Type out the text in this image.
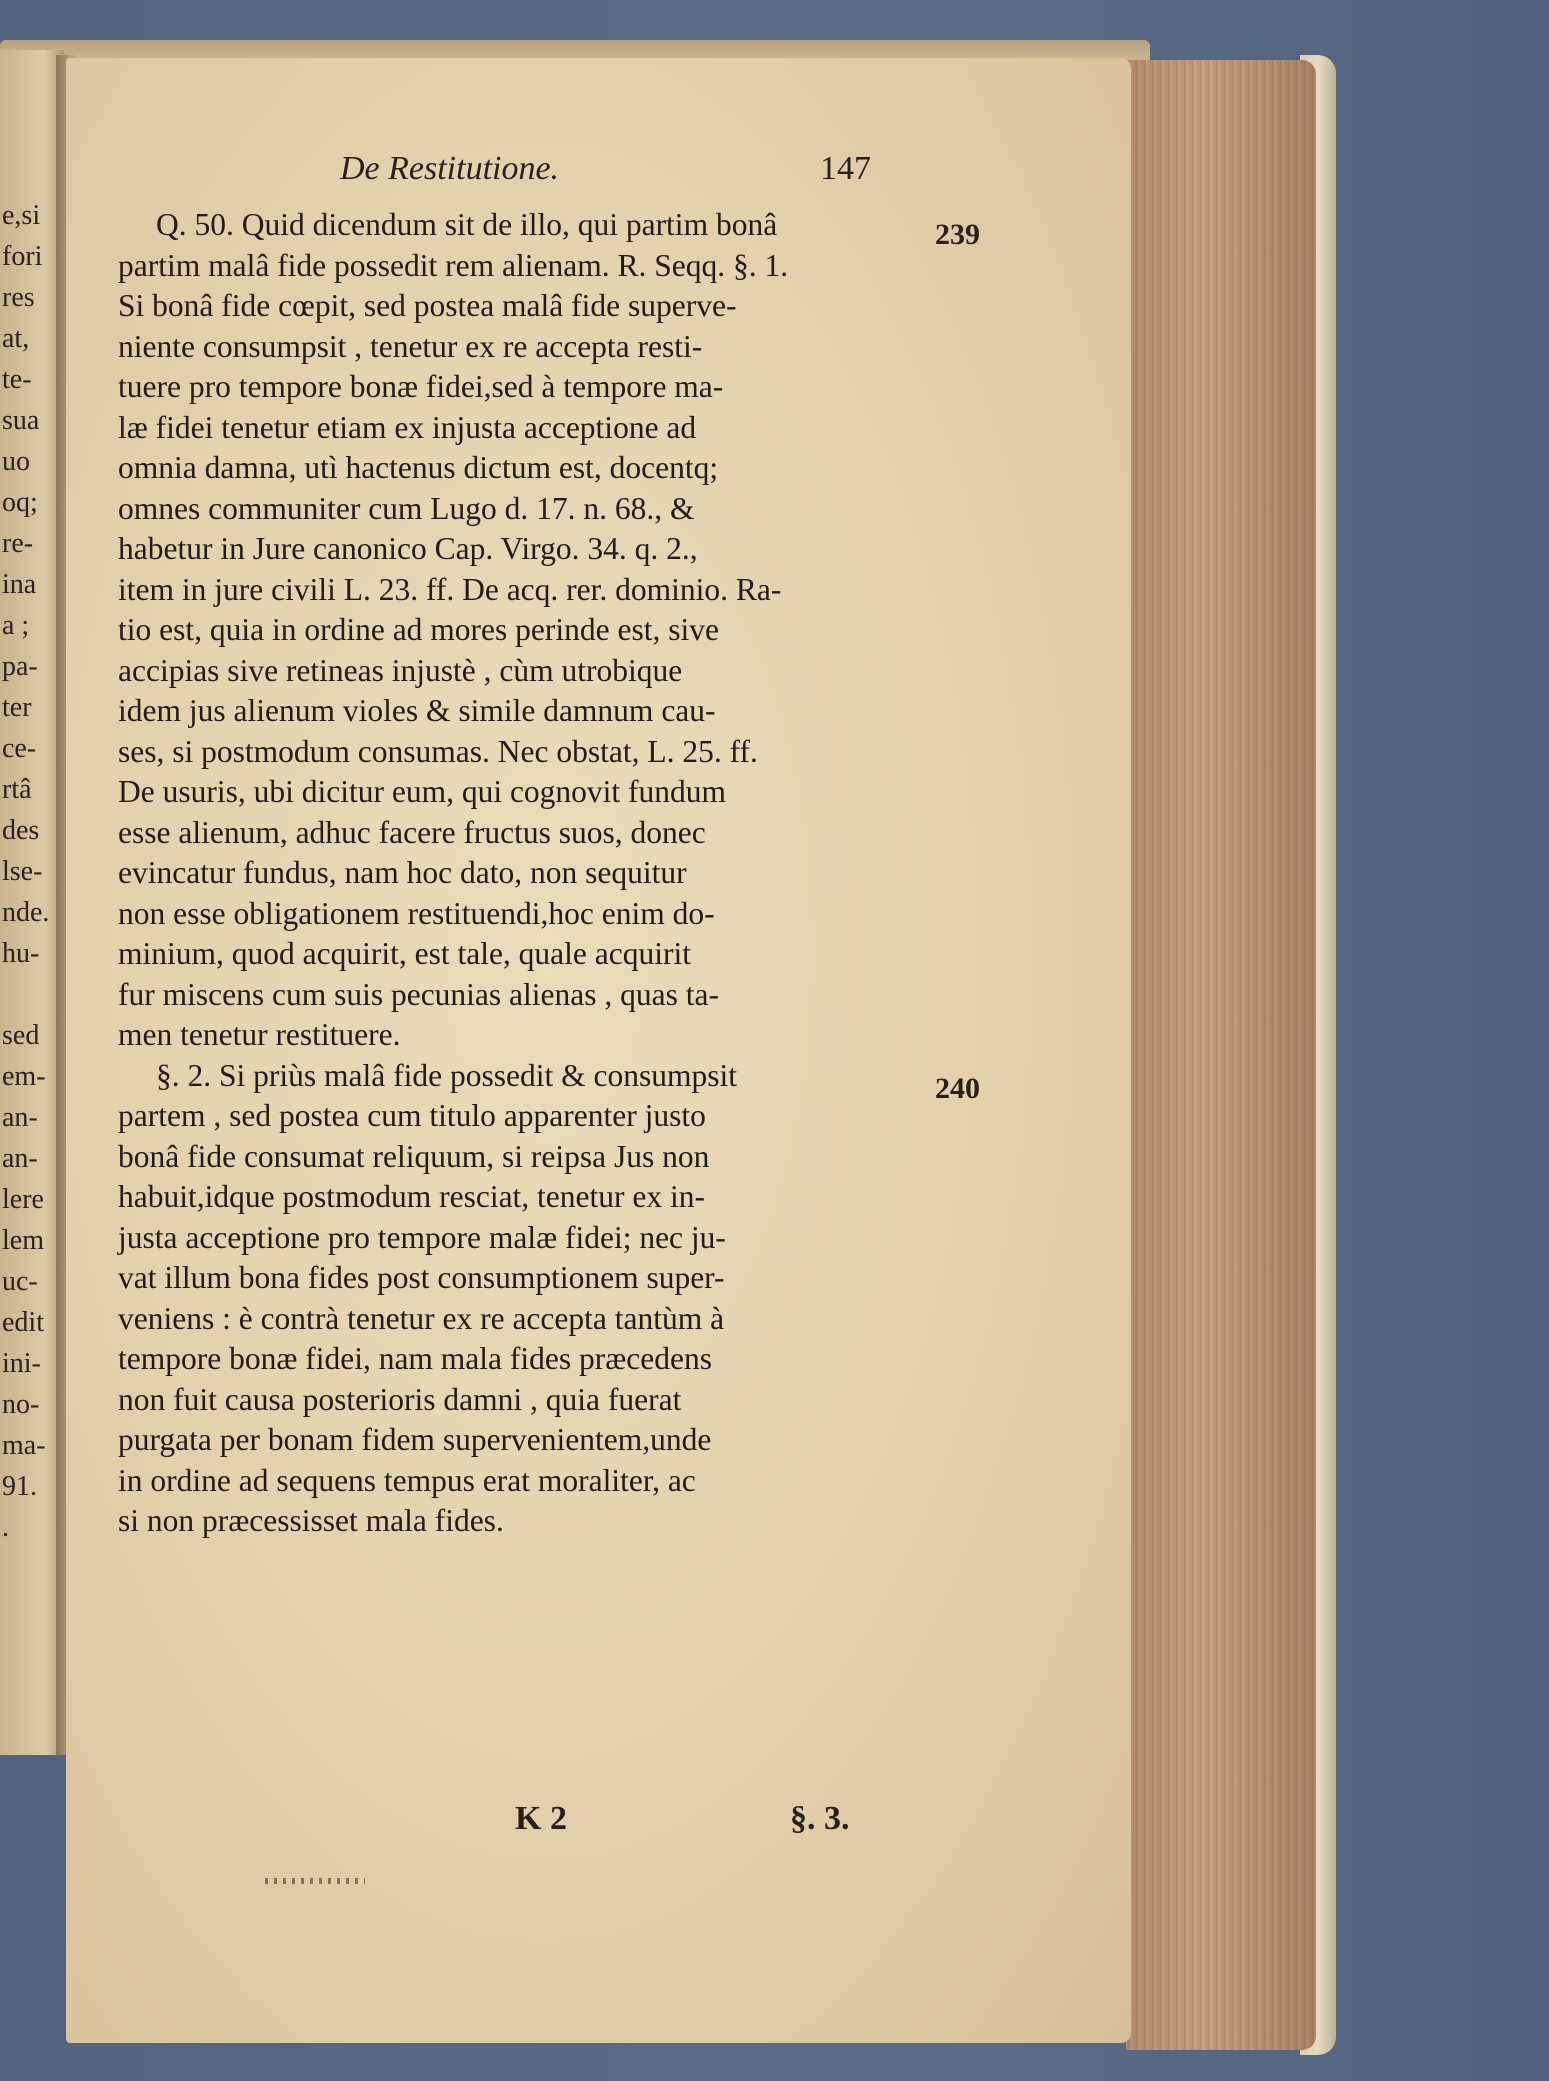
e,si
fori
res
at,
te-
sua
uo
oq;
re-
ina
a ;
pa-
ter
ce-
rtâ
des
lse-
nde.
hu-
sed
em-
an-
an-
lere
lem
uc-
edit
ini-
no-
ma-
91.
.
De Restitutione.	147
239
240
Q. 50. Quid dicendum sit de illo, qui partim bonâ
partim malâ fide possedit rem alienam. R. Seqq. §. 1.
Si bonâ fide cœpit, sed postea malâ fide superve-
niente consumpsit , tenetur ex re accepta resti-
tuere pro tempore bonæ fidei,sed à tempore ma-
læ fidei tenetur etiam ex injusta acceptione ad
omnia damna, utì hactenus dictum est, docentq;
omnes communiter cum Lugo d. 17. n. 68., &
habetur in Jure canonico Cap. Virgo. 34. q. 2.,
item in jure civili L. 23. ff. De acq. rer. dominio. Ra-
tio est, quia in ordine ad mores perinde est, sive
accipias sive retineas injustè , cùm utrobique
idem jus alienum violes & simile damnum cau-
ses, si postmodum consumas. Nec obstat, L. 25. ff.
De usuris, ubi dicitur eum, qui cognovit fundum
esse alienum, adhuc facere fructus suos, donec
evincatur fundus, nam hoc dato, non sequitur
non esse obligationem restituendi,hoc enim do-
minium, quod acquirit, est tale, quale acquirit
fur miscens cum suis pecunias alienas , quas ta-
men tenetur restituere.
§. 2. Si priùs malâ fide possedit & consumpsit
partem , sed postea cum titulo apparenter justo
bonâ fide consumat reliquum, si reipsa Jus non
habuit,idque postmodum resciat, tenetur ex in-
justa acceptione pro tempore malæ fidei; nec ju-
vat illum bona fides post consumptionem super-
veniens : è contrà tenetur ex re accepta tantùm à
tempore bonæ fidei, nam mala fides præcedens
non fuit causa posterioris damni , quia fuerat
purgata per bonam fidem supervenientem,unde
in ordine ad sequens tempus erat moraliter, ac
si non præcessisset mala fides.
K 2	§. 3.
